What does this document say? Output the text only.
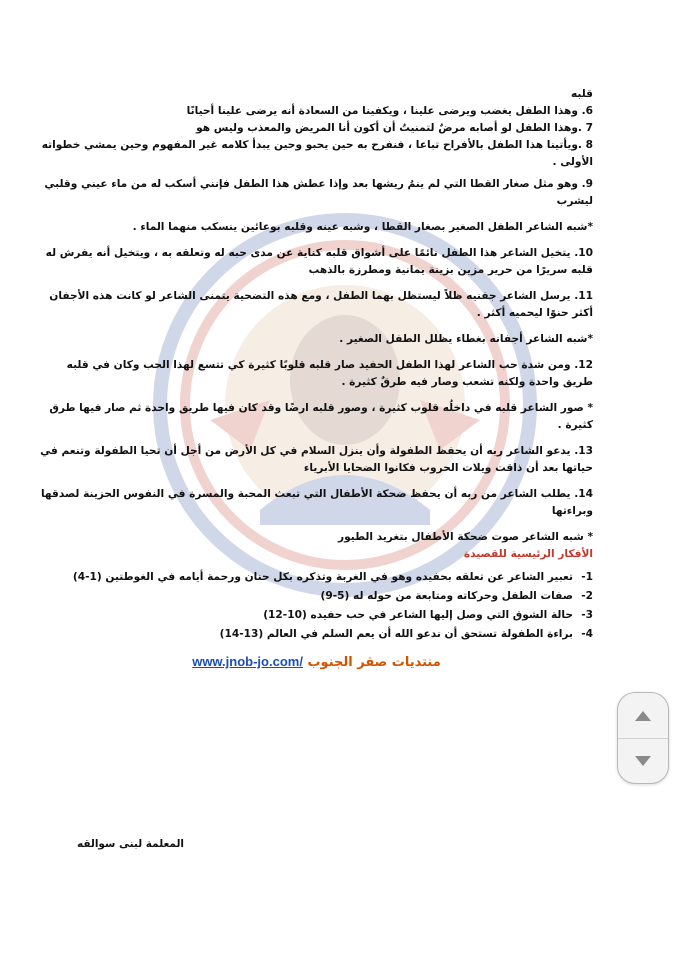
قلبه

6. وهذا الطفل يغضب ويرضى علينا ، ويكفينا من السعادة أنه يرضى علينا أحيانًا

7 .وهذا الطفل لو أصابه مرضٌ لتمنيتُ أن أكون أنا المريض والمعذب وليس هو

8 .ويأتينا هذا الطفل بالأفراح تباعا ، فنفرح به حين يحبو وحين يبدأ كلامه غير المفهوم وحين يمشي خطواته الأولى .

9. وهو مثل صغار القطا التي لم ينمُ ريشها بعد وإذا عطش هذا الطفل فإنني أسكب له من ماء عيني وقلبي ليشرب

*شبه الشاعر الطفل الصغير بصغار القطا ، وشبه عينه وقلبه بوعائين ينسكب منهما الماء .

10. يتخيل الشاعر هذا الطفل نائمًا على أشواق قلبه كناية عن مدى حبه له وتعلقه به ، ويتخيل أنه يفرش له قلبه سريرًا من حرير مزين بزينة يمانية ومطرزة بالذهب

11. يرسل الشاعر جفنيه ظلاً ليستظل بهما الطفل ، ومع هذه التضحية يتمنى الشاعر لو كانت هذه الأجفان أكثر حنوًا ليحميه أكثر .

*شبه الشاعر أجفانه بغطاء يظلل الطفل الصغير .

12. ومن شدة حب الشاعر لهذا الطفل الحفيد صار قلبه قلوبًا كثيرة كي تتسع لهذا الحب وكان في قلبه طريق واحدة ولكنه تشعب وصار فيه طرقٌ كثيرة .

* صور الشاعر قلبه في داخلُه قلوب كثيرة ، وصور قلبه ارضًا وقد كان فيها طريق واحدة ثم صار فيها طرق كثيرة .

13. يدعو الشاعر ربه أن يحفظ الطفولة وأن ينزل السلام في كل الأرض من أجل أن تحيا الطفولة وتنعم في حياتها بعد أن ذاقت ويلات الحروب فكانوا الضحايا الأبرياء

14. يطلب الشاعر من ربه أن يحفظ ضحكة الأطفال التي تبعث المحبة والمسرة في النفوس الحزينة لصدقها وبراءتها

* شبه الشاعر صوت ضحكة الأطفال بتغريد الطيور

الأفكار الرئيسية للقصيدة

1-تعبير الشاعر عن تعلقه بحفيده وهو في الغربة وتذكره بكل حنان ورحمة أيامه في الغوطتين (1-4)
2-صفات الطفل وحركاته ومتابعة من حوله له (5-9)
3-حالة الشوق التي وصل إليها الشاعر في حب حفيده (10-12)
4-براءة الطفولة تستحق أن ندعو الله أن يعم السلم في العالم (13-14)
منتديات صقر الجنوب www.jnob-jo.com/
المعلمة لبنى سوالقه
